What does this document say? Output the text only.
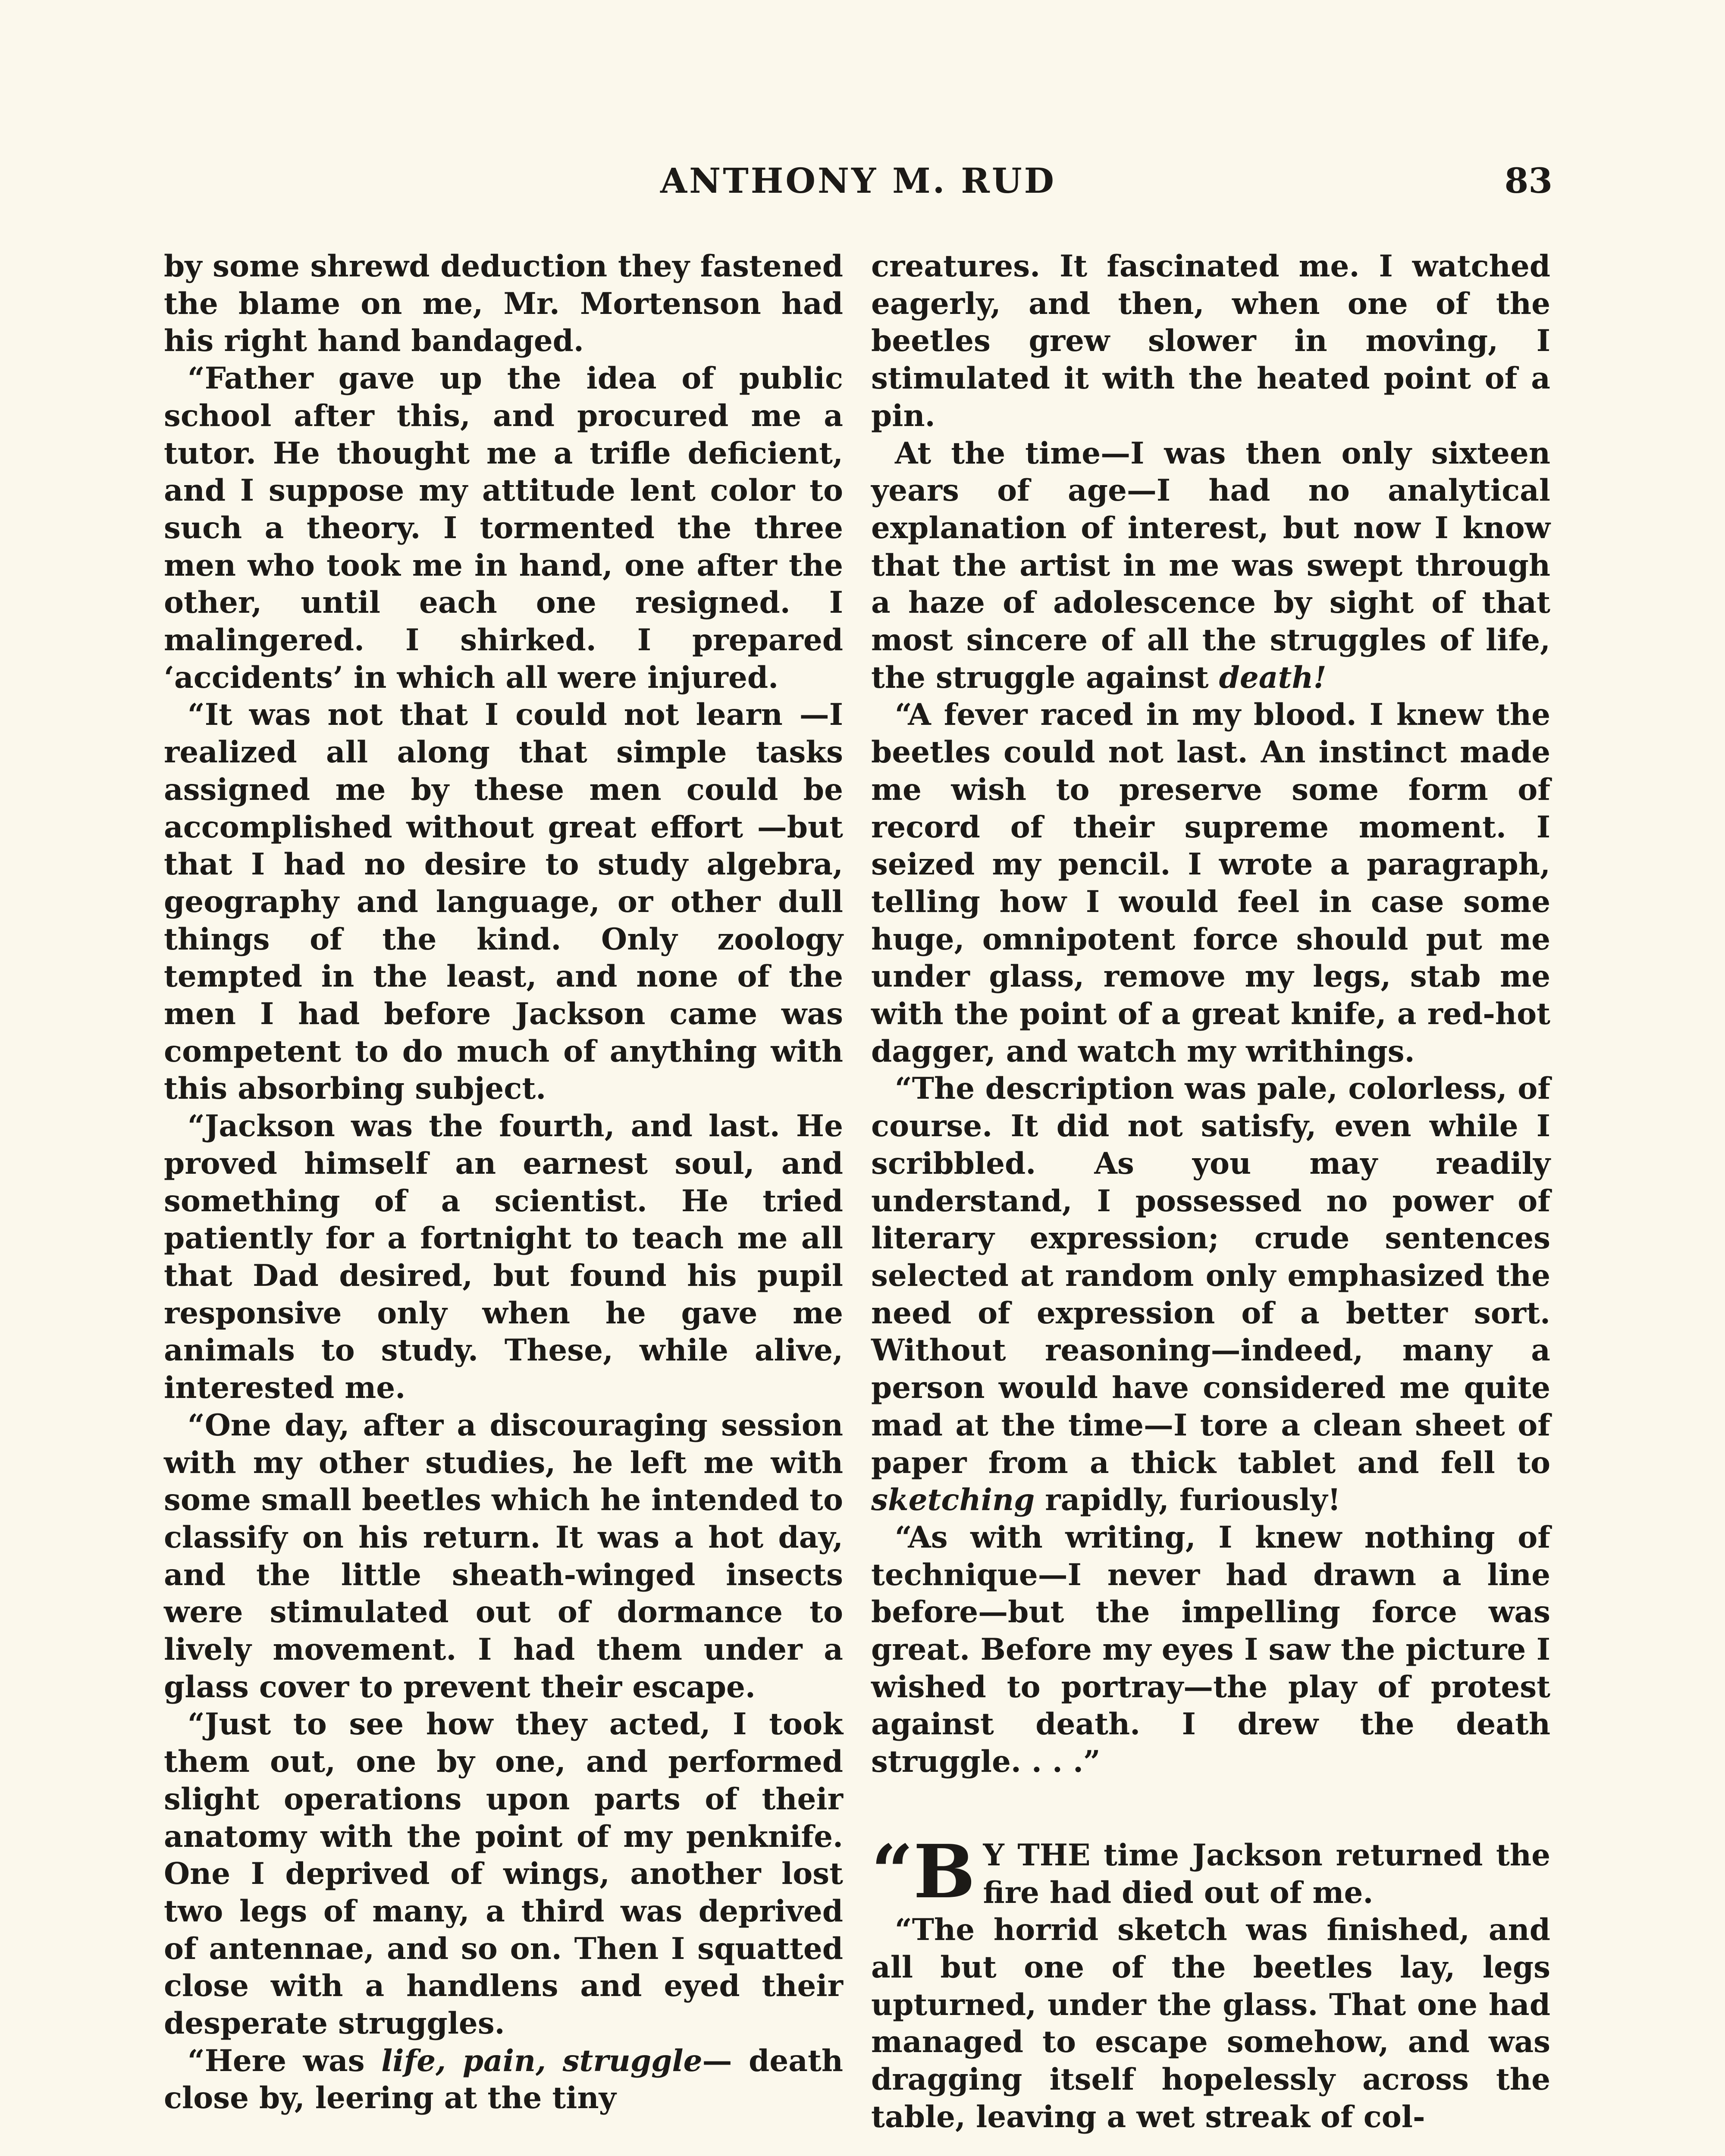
ANTHONY M. RUD	83

by some shrewd deduction they fastened the blame on me, Mr. Mortenson had his right hand bandaged.

“Father gave up the idea of public school after this, and procured me a tutor. He thought me a trifle deficient, and I suppose my attitude lent color to such a theory. I tormented the three men who took me in hand, one after the other, until each one resigned. I malingered. I shirked. I prepared ‘accidents’ in which all were injured.

“It was not that I could not learn —I realized all along that simple tasks assigned me by these men could be accomplished without great effort —but that I had no desire to study algebra, geography and language, or other dull things of the kind. Only zoology tempted in the least, and none of the men I had before Jackson came was competent to do much of anything with this absorbing subject.

“Jackson was the fourth, and last. He proved himself an earnest soul, and something of a scientist. He tried patiently for a fortnight to teach me all that Dad desired, but found his pupil responsive only when he gave me animals to study. These, while alive, interested me.

“One day, after a discouraging session with my other studies, he left me with some small beetles which he intended to classify on his return. It was a hot day, and the little sheath-winged insects were stimulated out of dormance to lively movement. I had them under a glass cover to prevent their escape.

“Just to see how they acted, I took them out, one by one, and performed slight operations upon parts of their anatomy with the point of my penknife. One I deprived of wings, another lost two legs of many, a third was deprived of antennae, and so on. Then I squatted close with a handlens and eyed their desperate struggles.

“Here was life, pain, struggle— death close by, leering at the tiny

creatures. It fascinated me. I watched eagerly, and then, when one of the beetles grew slower in moving, I stimulated it with the heated point of a pin.

At the time—I was then only sixteen years of age—I had no analytical explanation of interest, but now I know that the artist in me was swept through a haze of adolescence by sight of that most sincere of all the struggles of life, the struggle against death!

“A fever raced in my blood. I knew the beetles could not last. An instinct made me wish to preserve some form of record of their supreme moment. I seized my pencil. I wrote a paragraph, telling how I would feel in case some huge, omnipotent force should put me under glass, remove my legs, stab me with the point of a great knife, a red-hot dagger, and watch my writhings.

“The description was pale, colorless, of course. It did not satisfy, even while I scribbled. As you may readily understand, I possessed no power of literary expression; crude sentences selected at random only emphasized the need of expression of a better sort. Without reasoning—indeed, many a person would have considered me quite mad at the time—I tore a clean sheet of paper from a thick tablet and fell to sketching rapidly, furiously!

“As with writing, I knew nothing of technique—I never had drawn a line before—but the impelling force was great. Before my eyes I saw the picture I wished to portray—the play of protest against death. I drew the death struggle. . . .”

“B Y THE time Jackson returned the fire had died out of me.

“The horrid sketch was finished, and all but one of the beetles lay, legs upturned, under the glass. That one had managed to escape somehow, and was dragging itself hopelessly across the table, leaving a wet streak of col-
